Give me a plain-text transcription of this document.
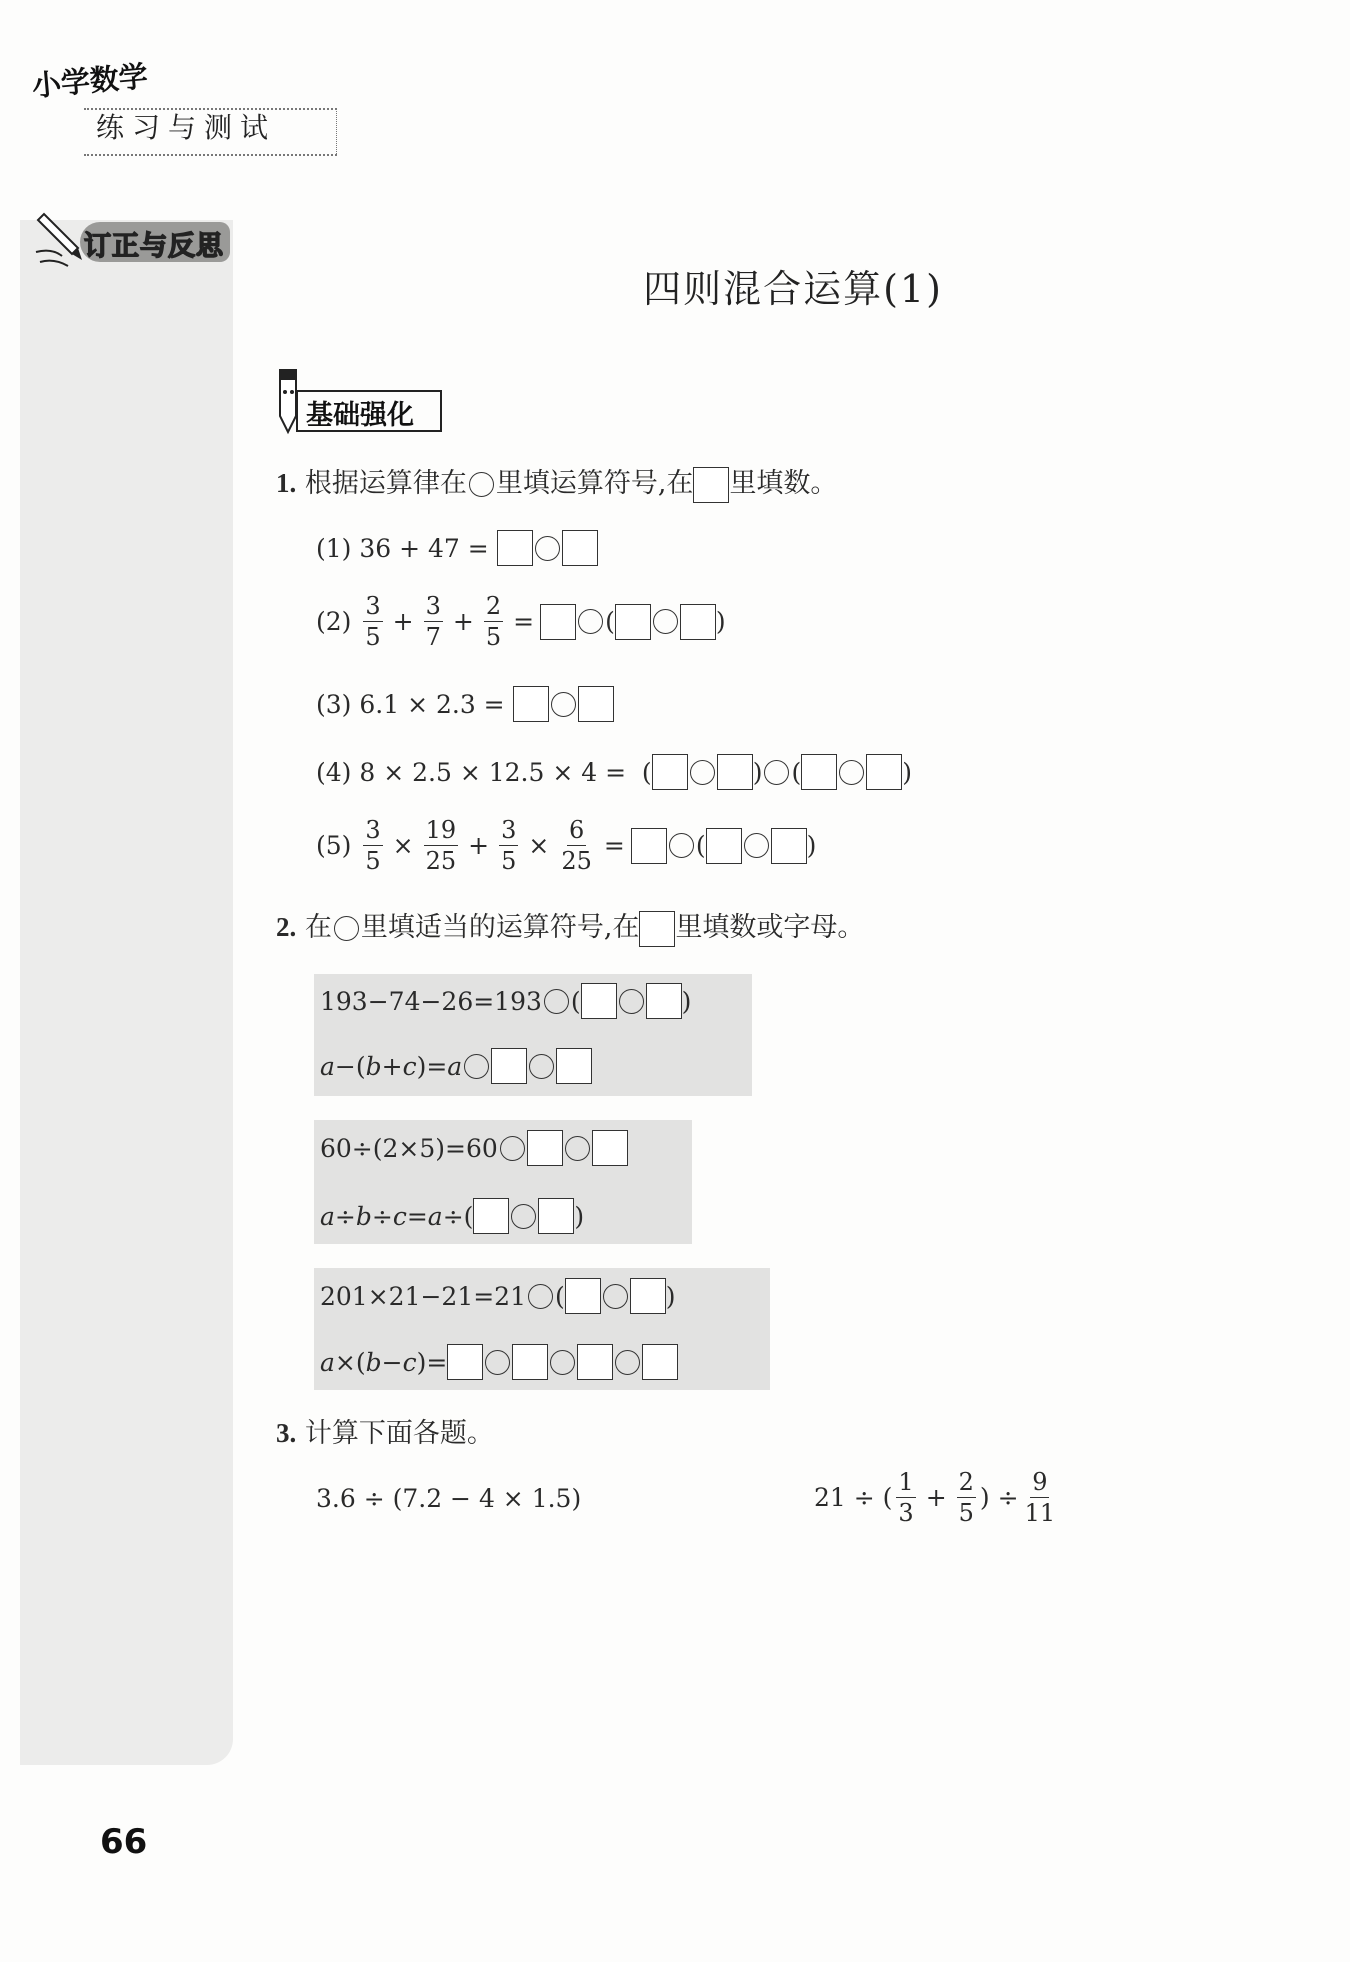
小学数学
练习与测试
订正与反思
四则混合运算(1)
基础强化
1. 根据运算律在 里填运算符号,在 里填数。
(1)
36 + 47 =

(2)
$\frac{3}{5} + \frac{3}{7} + \frac{2}{5}$ =	(	)
(3)
6.1 × 2.3 =

(4)
8 × 2.5 × 12.5 × 4 = (	) (	)
(5)
$\frac{3}{5} \times \frac{19}{25} + \frac{3}{5} \times \frac{6}{25}$ =	(	)
2. 在 里填适当的运算符号,在 里填数或字母。
193−74−26=193 (	)
a −( b + c )= a
60÷(2×5)=60
a ÷ b ÷ c = a ÷(	)
201×21−21=21 (	)
a ×( b − c )=
3. 计算下面各题。
3.6 ÷ (7.2 − 4 × 1.5)	21 ÷ ( $\frac{1}{3} + \frac{2}{5}$ ) ÷ $\frac{9}{11}$
66
